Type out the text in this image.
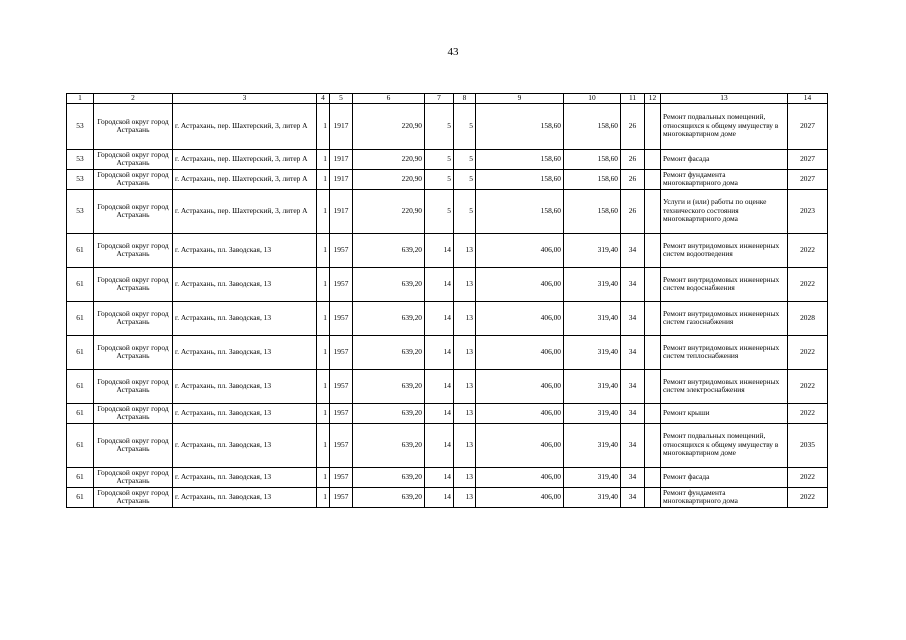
43
1	2	3	4	5	6	7	8	9	10	11	12	13	14
53	Городской округ город Астрахань	г. Астрахань, пер. Шахтерский, 3, литер А	1	1917	220,90	5	5	158,60	158,60	26		Ремонт подвальных помещений, относящихся к общему имуществу в многоквартирном доме	2027
53	Городской округ город Астрахань	г. Астрахань, пер. Шахтерский, 3, литер А	1	1917	220,90	5	5	158,60	158,60	26		Ремонт фасада	2027
53	Городской округ город Астрахань	г. Астрахань, пер. Шахтерский, 3, литер А	1	1917	220,90	5	5	158,60	158,60	26		Ремонт фундамента многоквартирного дома	2027
53	Городской округ город Астрахань	г. Астрахань, пер. Шахтерский, 3, литер А	1	1917	220,90	5	5	158,60	158,60	26		Услуги и (или) работы по оценке технического состояния многоквартирного дома	2023
61	Городской округ город Астрахань	г. Астрахань, пл. Заводская, 13	1	1957	639,20	14	13	406,00	319,40	34		Ремонт внутридомовых инженерных систем водоотведения	2022
61	Городской округ город Астрахань	г. Астрахань, пл. Заводская, 13	1	1957	639,20	14	13	406,00	319,40	34		Ремонт внутридомовых инженерных систем водоснабжения	2022
61	Городской округ город Астрахань	г. Астрахань, пл. Заводская, 13	1	1957	639,20	14	13	406,00	319,40	34		Ремонт внутридомовых инженерных систем газоснабжения	2028
61	Городской округ город Астрахань	г. Астрахань, пл. Заводская, 13	1	1957	639,20	14	13	406,00	319,40	34		Ремонт внутридомовых инженерных систем теплоснабжения	2022
61	Городской округ город Астрахань	г. Астрахань, пл. Заводская, 13	1	1957	639,20	14	13	406,00	319,40	34		Ремонт внутридомовых инженерных систем электроснабжения	2022
61	Городской округ город Астрахань	г. Астрахань, пл. Заводская, 13	1	1957	639,20	14	13	406,00	319,40	34		Ремонт крыши	2022
61	Городской округ город Астрахань	г. Астрахань, пл. Заводская, 13	1	1957	639,20	14	13	406,00	319,40	34		Ремонт подвальных помещений, относящихся к общему имуществу в многоквартирном доме	2035
61	Городской округ город Астрахань	г. Астрахань, пл. Заводская, 13	1	1957	639,20	14	13	406,00	319,40	34		Ремонт фасада	2022
61	Городской округ город Астрахань	г. Астрахань, пл. Заводская, 13	1	1957	639,20	14	13	406,00	319,40	34		Ремонт фундамента многоквартирного дома	2022
